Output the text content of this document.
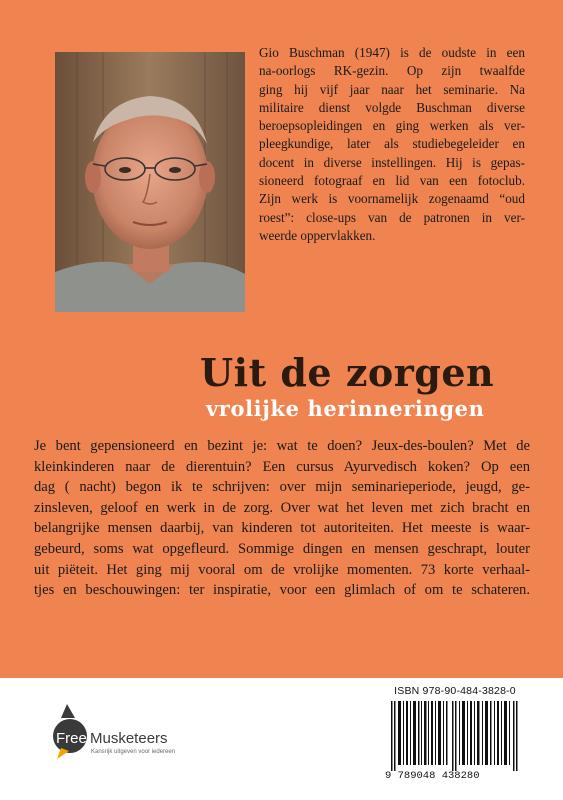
Gio Buschman (1947) is de oudste in een
na-oorlogs RK-gezin. Op zijn twaalfde
ging hij vijf jaar naar het seminarie. Na
militaire dienst volgde Buschman diverse
beroepsopleidingen en ging werken als ver-
pleegkundige, later als studiebegeleider en
docent in diverse instellingen. Hij is gepas-
sioneerd fotograaf en lid van een fotoclub.
Zijn werk is voornamelijk zogenaamd “oud
roest”: close-ups van de patronen in ver-
weerde oppervlakken.
Uit de zorgen
vrolijke herinneringen
Je bent gepensioneerd en bezint je: wat te doen? Jeux-des-boulen? Met de
kleinkinderen naar de dierentuin? Een cursus Ayurvedisch koken? Op een
dag ( nacht) begon ik te schrijven: over mijn seminarieperiode, jeugd, ge-
zinsleven, geloof en werk in de zorg. Over wat het leven met zich bracht en
belangrijke mensen daarbij, van kinderen tot autoriteiten. Het meeste is waar-
gebeurd, soms wat opgefleurd. Sommige dingen en mensen geschrapt, louter
uit piëteit. Het ging mij vooral om de vrolijke momenten. 73 korte verhaal-
tjes en beschouwingen: ter inspiratie, voor een glimlach of om te schateren.
Free Musketeers
Kansrijk uitgeven voor iedereen
ISBN 978-90-484-3828-0
9 789048 438280
